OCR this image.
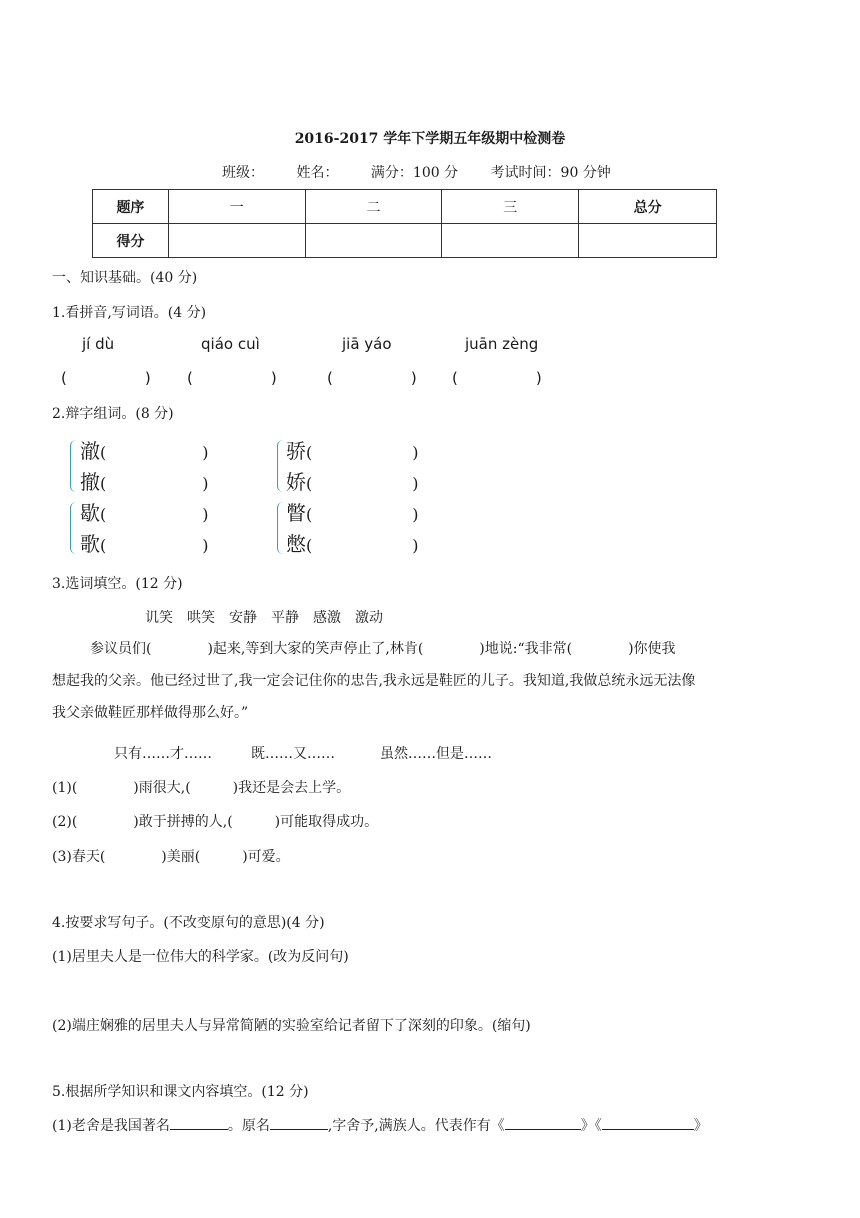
2016-2017 学年下学期五年级期中检测卷
班级： 姓名： 满分：100 分 考试时间：90 分钟
题序	一	二	三	总分
得分				
一、知识基础。(40 分)
1.看拼音,写词语。(4 分)
jí dù	qiáo cuì	jiā yáo	juān zèng
(	) (	)	(	) (	)
2.辩字组词。(8 分)
澈(	)
撤(	)
骄(	)
娇(	)
歇(	)
歌(	)
瞥(	)
憋(	)
3.选词填空。(12 分)
讥笑　哄笑　安静　平静　感激　激动
参议员们(　　　　)起来,等到大家的笑声停止了,林肯(　　　　)地说:“我非常(　　　　)你使我
想起我的父亲。他已经过世了,我一定会记住你的忠告,我永远是鞋匠的儿子。我知道,我做总统永远无法像
我父亲做鞋匠那样做得那么好。”
只有……才……	既……又……	虽然……但是……
(1)(　　　　)雨很大,(　　　)我还是会去上学。
(2)(　　　　)敢于拼搏的人,(　　　)可能取得成功。
(3)春天(　　　　)美丽(　　　)可爱。
4.按要求写句子。(不改变原句的意思)(4 分)
(1)居里夫人是一位伟大的科学家。(改为反问句)
(2)端庄娴雅的居里夫人与异常简陋的实验室给记者留下了深刻的印象。(缩句)
5.根据所学知识和课文内容填空。(12 分)
(1)老舍是我国著名	。原名	,字舍予,满族人。代表作有《	》《	》
